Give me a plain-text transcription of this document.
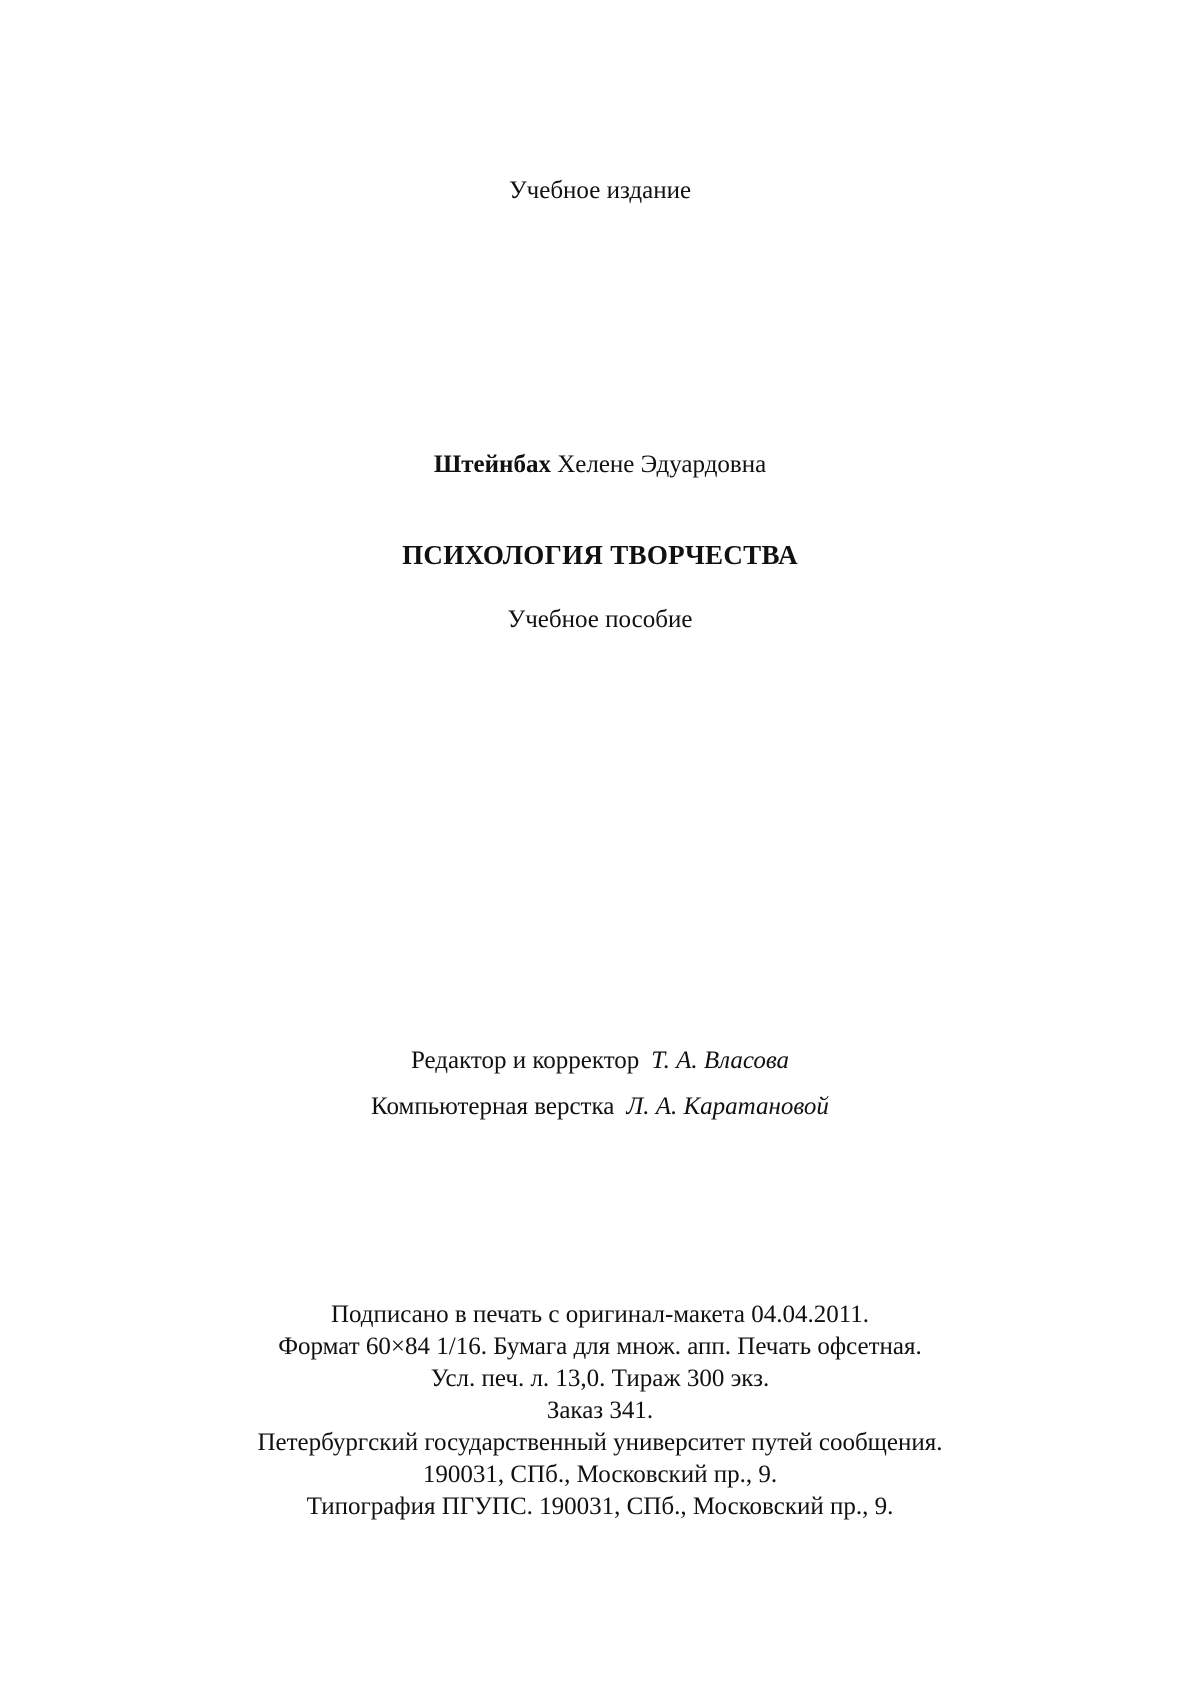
Учебное издание
Штейнбах Хелене Эдуардовна
ПСИХОЛОГИЯ ТВОРЧЕСТВА
Учебное пособие
Редактор и корректор Т. А. Власова
Компьютерная верстка Л. А. Каратановой
Подписано в печать с оригинал-макета 04.04.2011.
Формат 60×84 1/16. Бумага для множ. апп. Печать офсетная.
Усл. печ. л. 13,0. Тираж 300 экз.
Заказ 341.
Петербургский государственный университет путей сообщения.
190031, СПб., Московский пр., 9.
Типография ПГУПС. 190031, СПб., Московский пр., 9.
